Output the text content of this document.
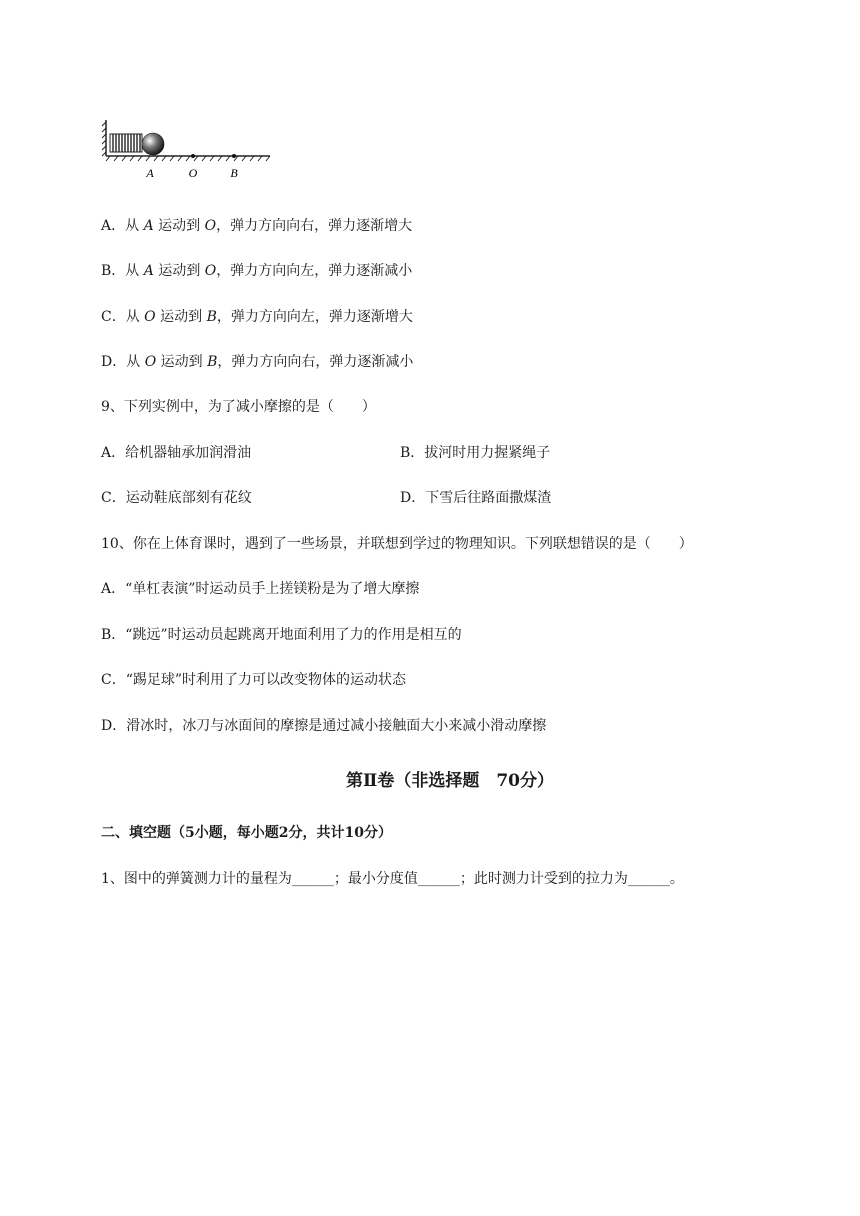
A	O	B
A．从 A 运动到 O，弹力方向向右，弹力逐渐增大
B．从 A 运动到 O，弹力方向向左，弹力逐渐减小
C．从 O 运动到 B，弹力方向向左，弹力逐渐增大
D．从 O 运动到 B，弹力方向向右，弹力逐渐减小
9、下列实例中，为了减小摩擦的是（　　）
A．给机器轴承加润滑油	B．拔河时用力握紧绳子
C．运动鞋底部刻有花纹	D．下雪后往路面撒煤渣
10、你在上体育课时，遇到了一些场景，并联想到学过的物理知识。下列联想错误的是（　　）
A．“单杠表演”时运动员手上搓镁粉是为了增大摩擦
B．“跳远”时运动员起跳离开地面利用了力的作用是相互的
C．“踢足球”时利用了力可以改变物体的运动状态
D．滑冰时，冰刀与冰面间的摩擦是通过减小接触面大小来减小滑动摩擦
第Ⅱ卷（非选择题　70分）
二、填空题（5小题，每小题2分，共计10分）
1、图中的弹簧测力计的量程为______；最小分度值______；此时测力计受到的拉力为______。
